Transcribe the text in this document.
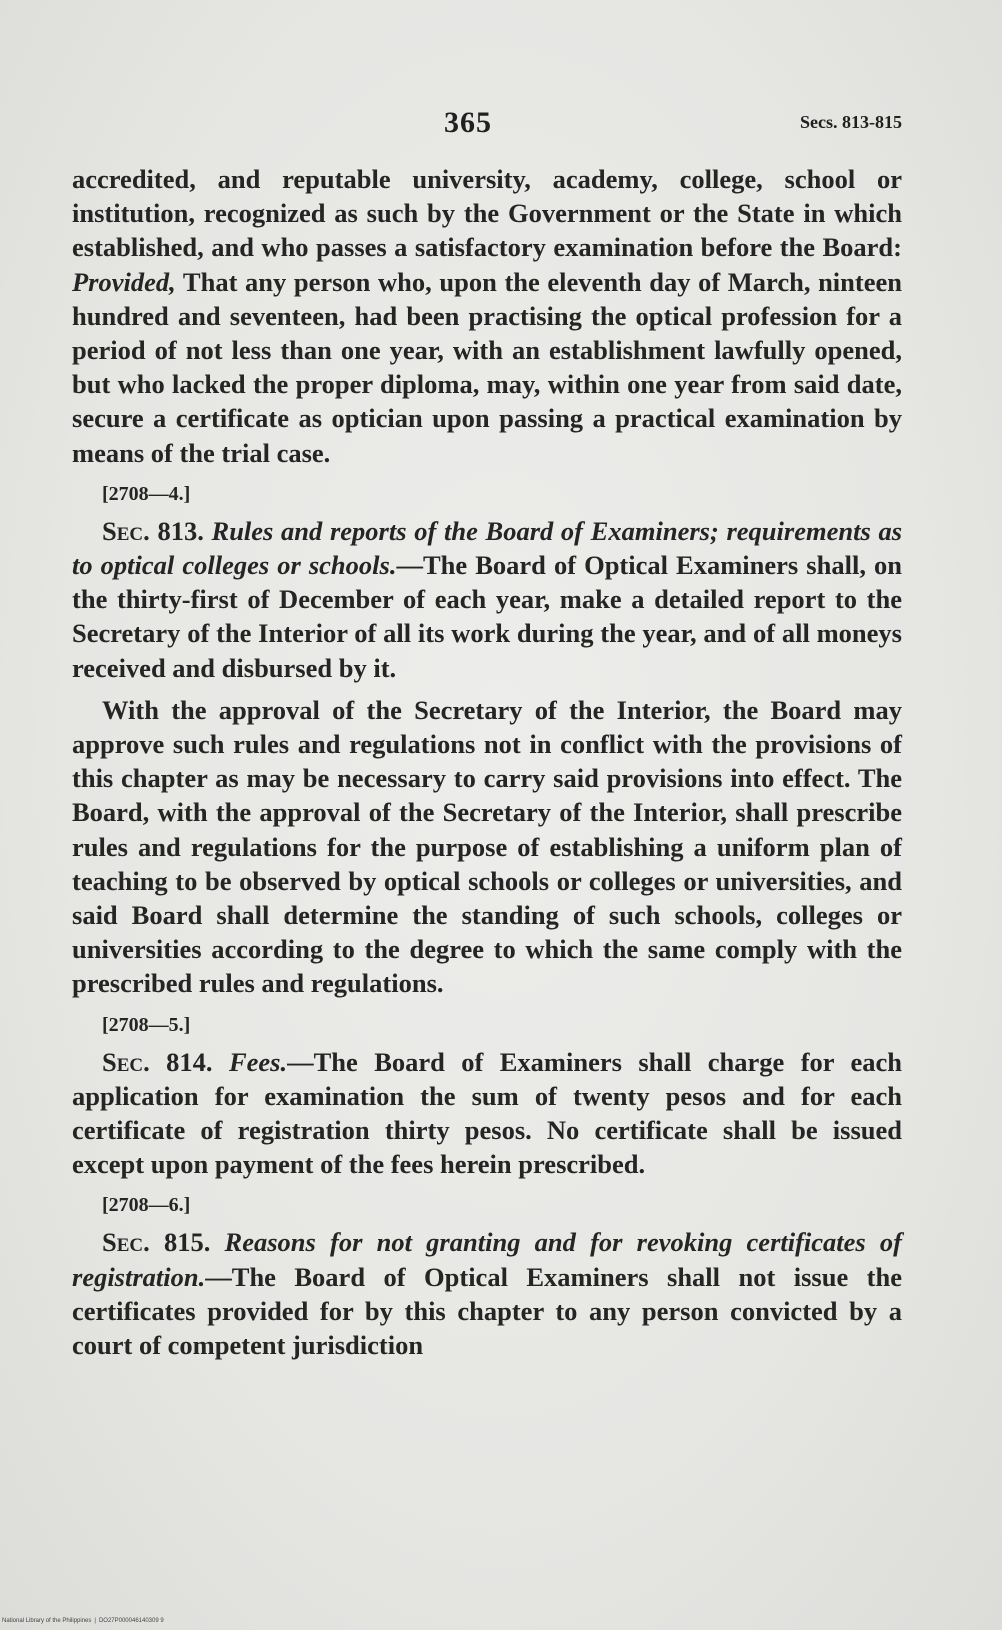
365	Secs. 813-815

accredited, and reputable university, academy, college, school or institution, recognized as such by the Government or the State in which established, and who passes a satisfactory examination before the Board: Provided, That any person who, upon the eleventh day of March, ninteen hundred and seventeen, had been practising the optical profession for a period of not less than one year, with an establishment lawfully opened, but who lacked the proper diploma, may, within one year from said date, secure a certificate as optician upon passing a practical examination by means of the trial case.

[2708—4.]

Sec. 813. Rules and reports of the Board of Examiners; requirements as to optical colleges or schools.—The Board of Optical Examiners shall, on the thirty-first of December of each year, make a detailed report to the Secretary of the Interior of all its work during the year, and of all moneys received and disbursed by it.

With the approval of the Secretary of the Interior, the Board may approve such rules and regulations not in conflict with the provisions of this chapter as may be necessary to carry said provisions into effect. The Board, with the approval of the Secretary of the Interior, shall prescribe rules and regulations for the purpose of establishing a uniform plan of teaching to be observed by optical schools or colleges or universities, and said Board shall determine the standing of such schools, colleges or universities according to the degree to which the same comply with the prescribed rules and regulations.

[2708—5.]

Sec. 814. Fees.—The Board of Examiners shall charge for each application for examination the sum of twenty pesos and for each certificate of registration thirty pesos. No certificate shall be issued except upon payment of the fees herein prescribed.

[2708—6.]

Sec. 815. Reasons for not granting and for revoking certificates of registration.—The Board of Optical Examiners shall not issue the certificates provided for by this chapter to any person convicted by a court of competent jurisdiction

National Library of the Philippines | DO27P000046140309 9
